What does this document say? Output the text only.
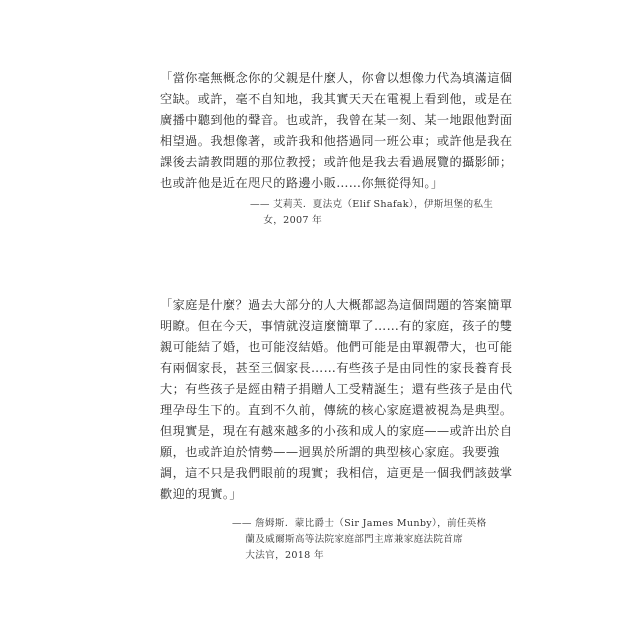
「當你毫無概念你的父親是什麼人，你會以想像力代為填滿這個
空缺。或許，毫不自知地，我其實天天在電視上看到他，或是在
廣播中聽到他的聲音。也或許，我曾在某一刻、某一地跟他對面
相望過。我想像著，或許我和他搭過同一班公車；或許他是我在
課後去請教問題的那位教授；或許他是我去看過展覽的攝影師；
也或許他是近在咫尺的路邊小販……你無從得知。」
—— 艾莉芙．夏法克（Elif Shafak），伊斯坦堡的私生
女，2007 年
「家庭是什麼？過去大部分的人大概都認為這個問題的答案簡單
明瞭。但在今天，事情就沒這麼簡單了……有的家庭，孩子的雙
親可能結了婚，也可能沒結婚。他們可能是由單親帶大，也可能
有兩個家長，甚至三個家長……有些孩子是由同性的家長養育長
大；有些孩子是經由精子捐贈人工受精誕生；還有些孩子是由代
理孕母生下的。直到不久前，傳統的核心家庭還被視為是典型。
但現實是，現在有越來越多的小孩和成人的家庭——或許出於自
願，也或許迫於情勢——迥異於所謂的典型核心家庭。我要強
調，這不只是我們眼前的現實；我相信，這更是一個我們該鼓掌
歡迎的現實。」
—— 詹姆斯．蒙比爵士（Sir James Munby），前任英格
蘭及威爾斯高等法院家庭部門主席兼家庭法院首席
大法官，2018 年
